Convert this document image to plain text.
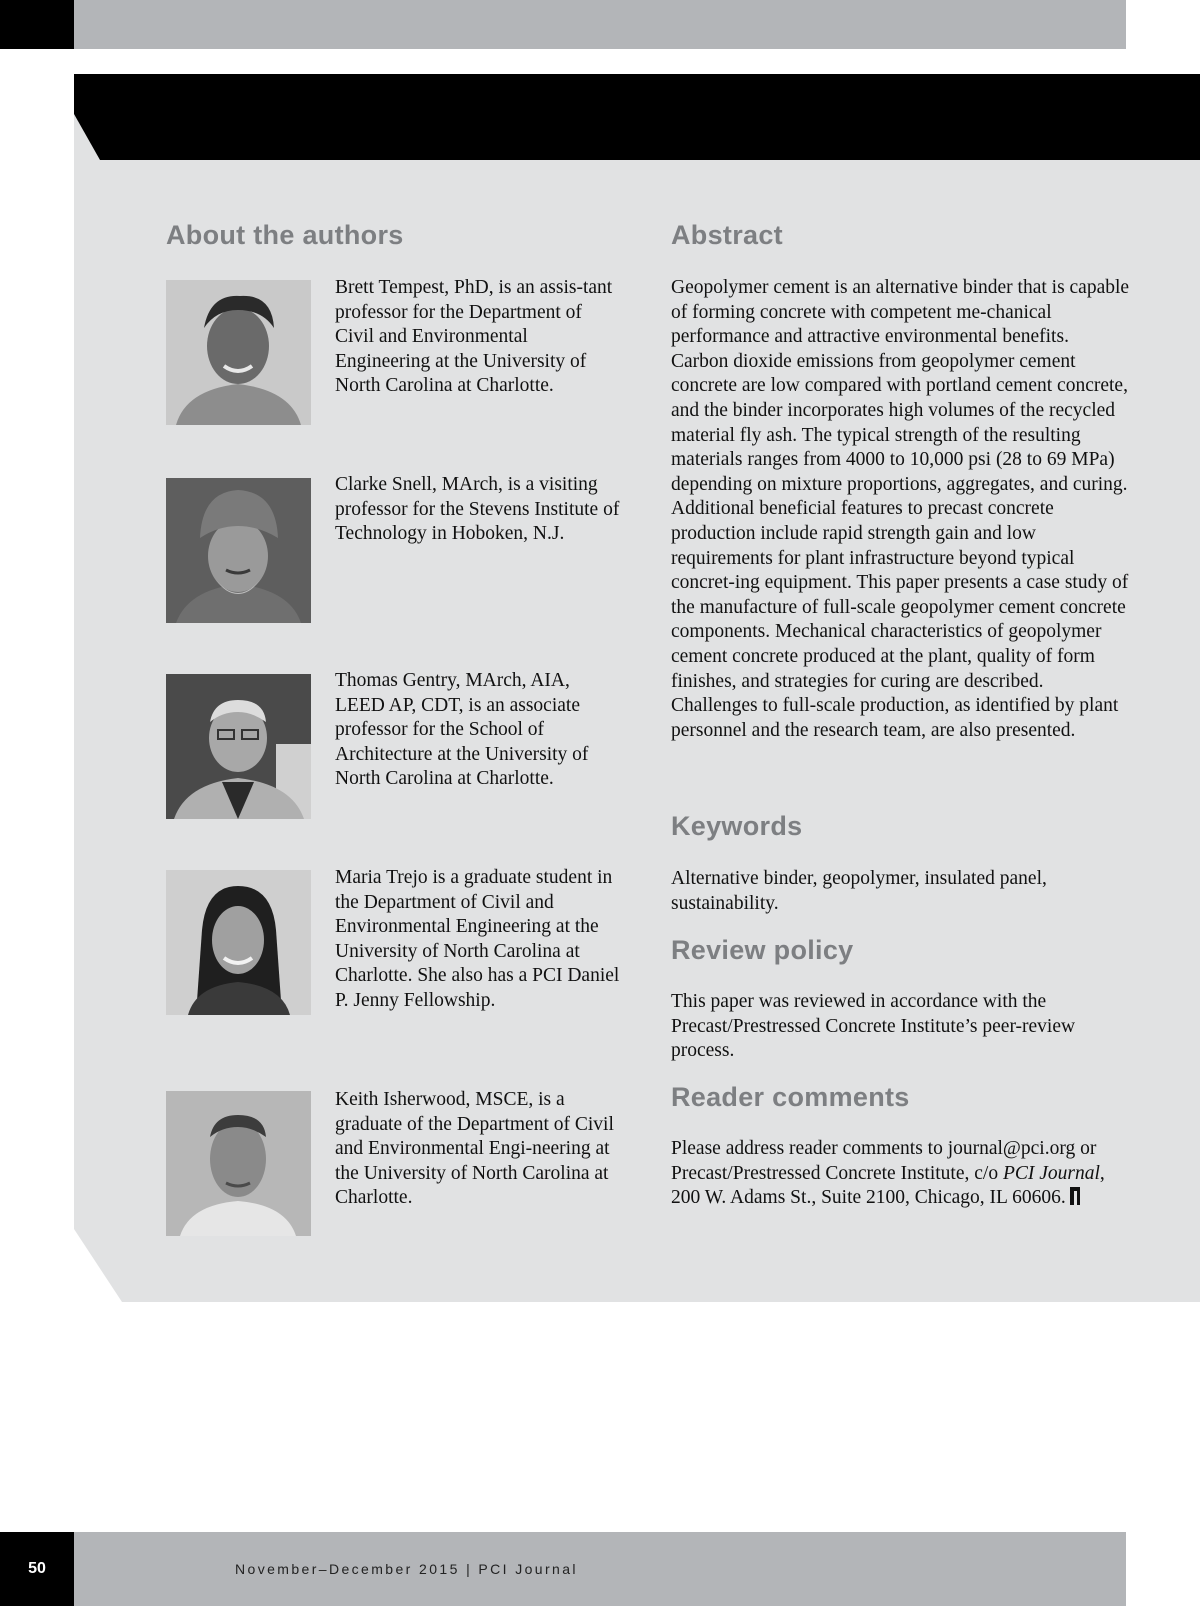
About the authors

Brett Tempest, PhD, is an assis-tant professor for the Department of Civil and Environmental Engineering at the University of North Carolina at Charlotte.

Clarke Snell, MArch, is a visiting professor for the Stevens Institute of Technology in Hoboken, N.J.

Thomas Gentry, MArch, AIA, LEED AP, CDT, is an associate professor for the School of Architecture at the University of North Carolina at Charlotte.

Maria Trejo is a graduate student in the Department of Civil and Environmental Engineering at the University of North Carolina at Charlotte. She also has a PCI Daniel P. Jenny Fellowship.

Keith Isherwood, MSCE, is a graduate of the Department of Civil and Environmental Engi-neering at the University of North Carolina at Charlotte.

Abstract

Geopolymer cement is an alternative binder that is capable of forming concrete with competent me-chanical performance and attractive environmental benefits. Carbon dioxide emissions from geopolymer cement concrete are low compared with portland cement concrete, and the binder incorporates high volumes of the recycled material fly ash. The typical strength of the resulting materials ranges from 4000 to 10,000 psi (28 to 69 MPa) depending on mixture proportions, aggregates, and curing. Additional beneficial features to precast concrete production include rapid strength gain and low requirements for plant infrastructure beyond typical concret-ing equipment. This paper presents a case study of the manufacture of full-scale geopolymer cement concrete components. Mechanical characteristics of geopolymer cement concrete produced at the plant, quality of form finishes, and strategies for curing are described. Challenges to full-scale production, as identified by plant personnel and the research team, are also presented.

Keywords

Alternative binder, geopolymer, insulated panel, sustainability.

Review policy

This paper was reviewed in accordance with the Precast/Prestressed Concrete Institute’s peer-review process.

Reader comments

Please address reader comments to journal@pci.org or Precast/Prestressed Concrete Institute, c/o PCI Journal, 200 W. Adams St., Suite 2100, Chicago, IL 60606.

50	November–December 2015 | PCI Journal
